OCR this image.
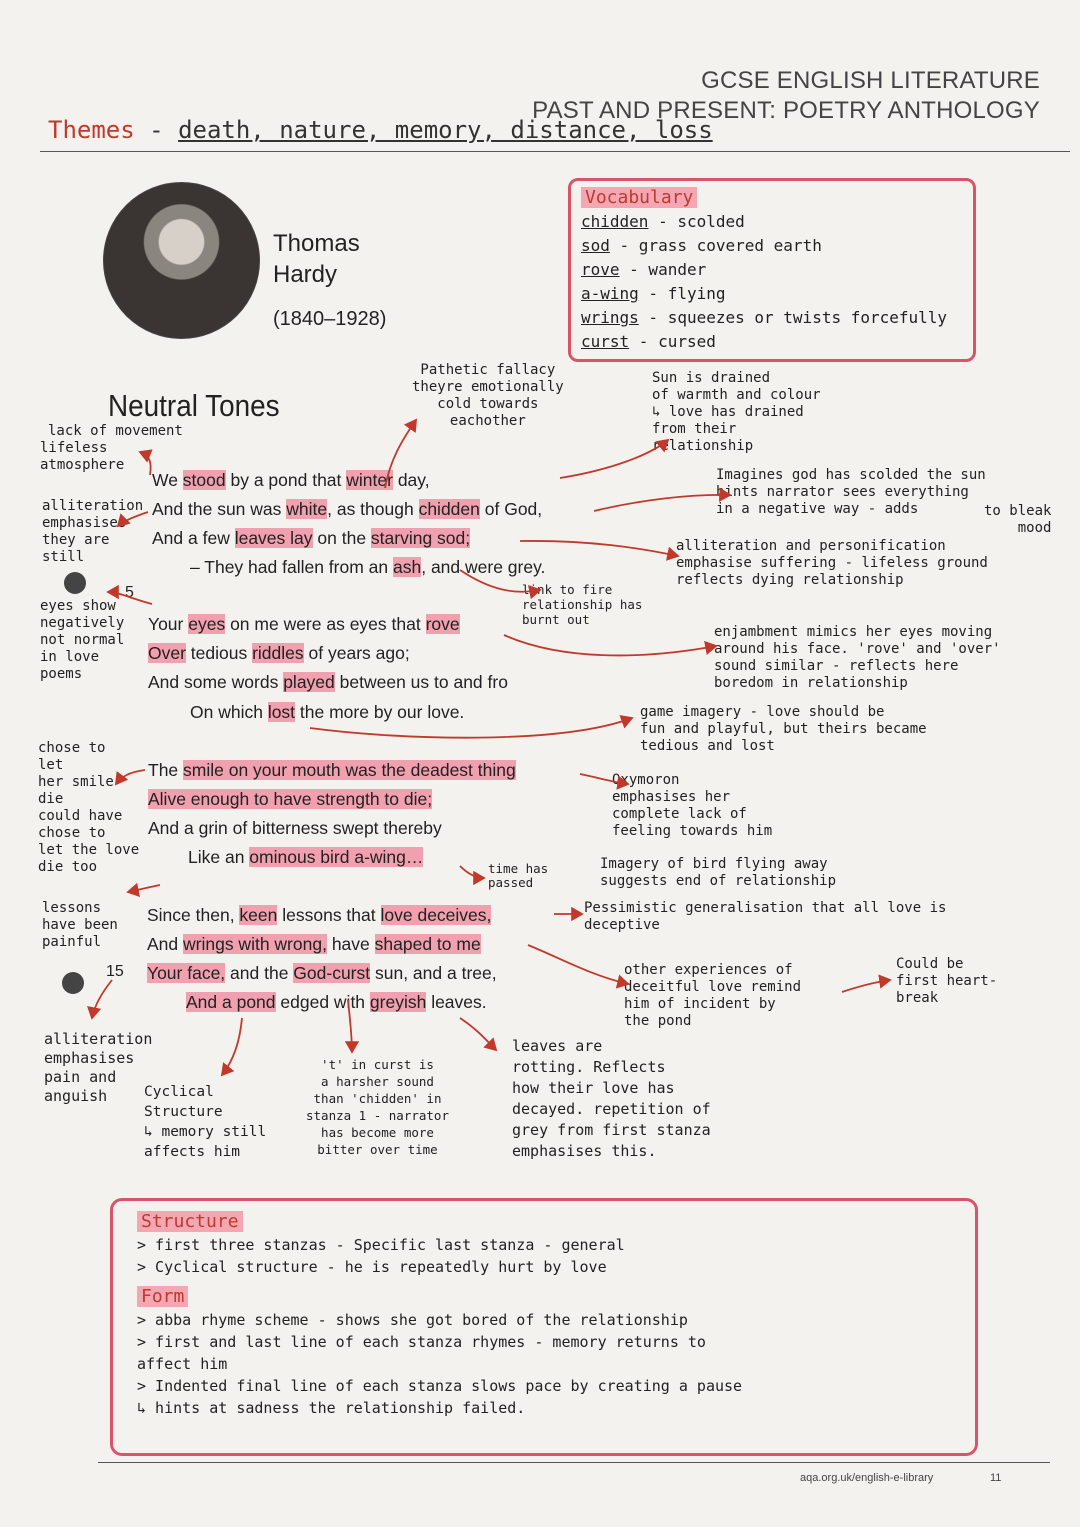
GCSE ENGLISH LITERATURE
PAST AND PRESENT: POETRY ANTHOLOGY
Themes - death, nature, memory, distance, loss
Thomas
Hardy
(1840–1928)
Vocabulary
chidden - scolded
sod - grass covered earth
rove - wander
a-wing - flying
wrings - squeezes or twists forcefully
curst - cursed
Neutral Tones
We stood by a pond that winter day,
And the sun was white, as though chidden of God,
And a few leaves lay on the starving sod;
– They had fallen from an ash, and were grey.
Your eyes on me were as eyes that rove
Over tedious riddles of years ago;
And some words played between us to and fro
On which lost the more by our love.
The smile on your mouth was the deadest thing
Alive enough to have strength to die;
And a grin of bitterness swept thereby
Like an ominous bird a-wing…
Since then, keen lessons that love deceives,
And wrings with wrong, have shaped to me
Your face, and the God-curst sun, and a tree,
And a pond edged with greyish leaves.
5
15
lack of movement
lifeless
atmosphere
alliteration
emphasises
they are
still
eyes show
negatively
not normal
in love
poems
chose to
let
her smile
die
could have
chose to
let the love
die too
lessons
have been
painful
alliteration
emphasises
pain and
anguish
Pathetic fallacy
theyre emotionally
cold towards
eachother
Sun is drained
of warmth and colour
↳ love has drained
from their
relationship
Imagines god has scolded the sun
hints narrator sees everything
in a negative way - adds	to bleak
mood
alliteration and personification
emphasise suffering - lifeless ground
reflects dying relationship
link to fire
relationship has
burnt out
enjambment mimics her eyes moving
around his face. 'rove' and 'over'
sound similar - reflects here
boredom in relationship
game imagery - love should be
fun and playful, but theirs became
tedious and lost
Oxymoron
emphasises her
complete lack of
feeling towards him
Imagery of bird flying away
suggests end of relationship
time has
passed
Pessimistic generalisation that all love is
deceptive
other experiences of
deceitful love remind
him of incident by
the pond
Could be
first heart-
break
Cyclical
Structure
↳ memory still
affects him
't' in curst is
a harsher sound
than 'chidden' in
stanza 1 - narrator
has become more
bitter over time
leaves are
rotting. Reflects
how their love has
decayed. repetition of
grey from first stanza
emphasises this.
Structure
> first three stanzas - Specific last stanza - general
> Cyclical structure - he is repeatedly hurt by love
Form
> abba rhyme scheme - shows she got bored of the relationship
> first and last line of each stanza rhymes - memory returns to
affect him
> Indented final line of each stanza slows pace by creating a pause
↳ hints at sadness the relationship failed.
aqa.org.uk/english-e-library	11
